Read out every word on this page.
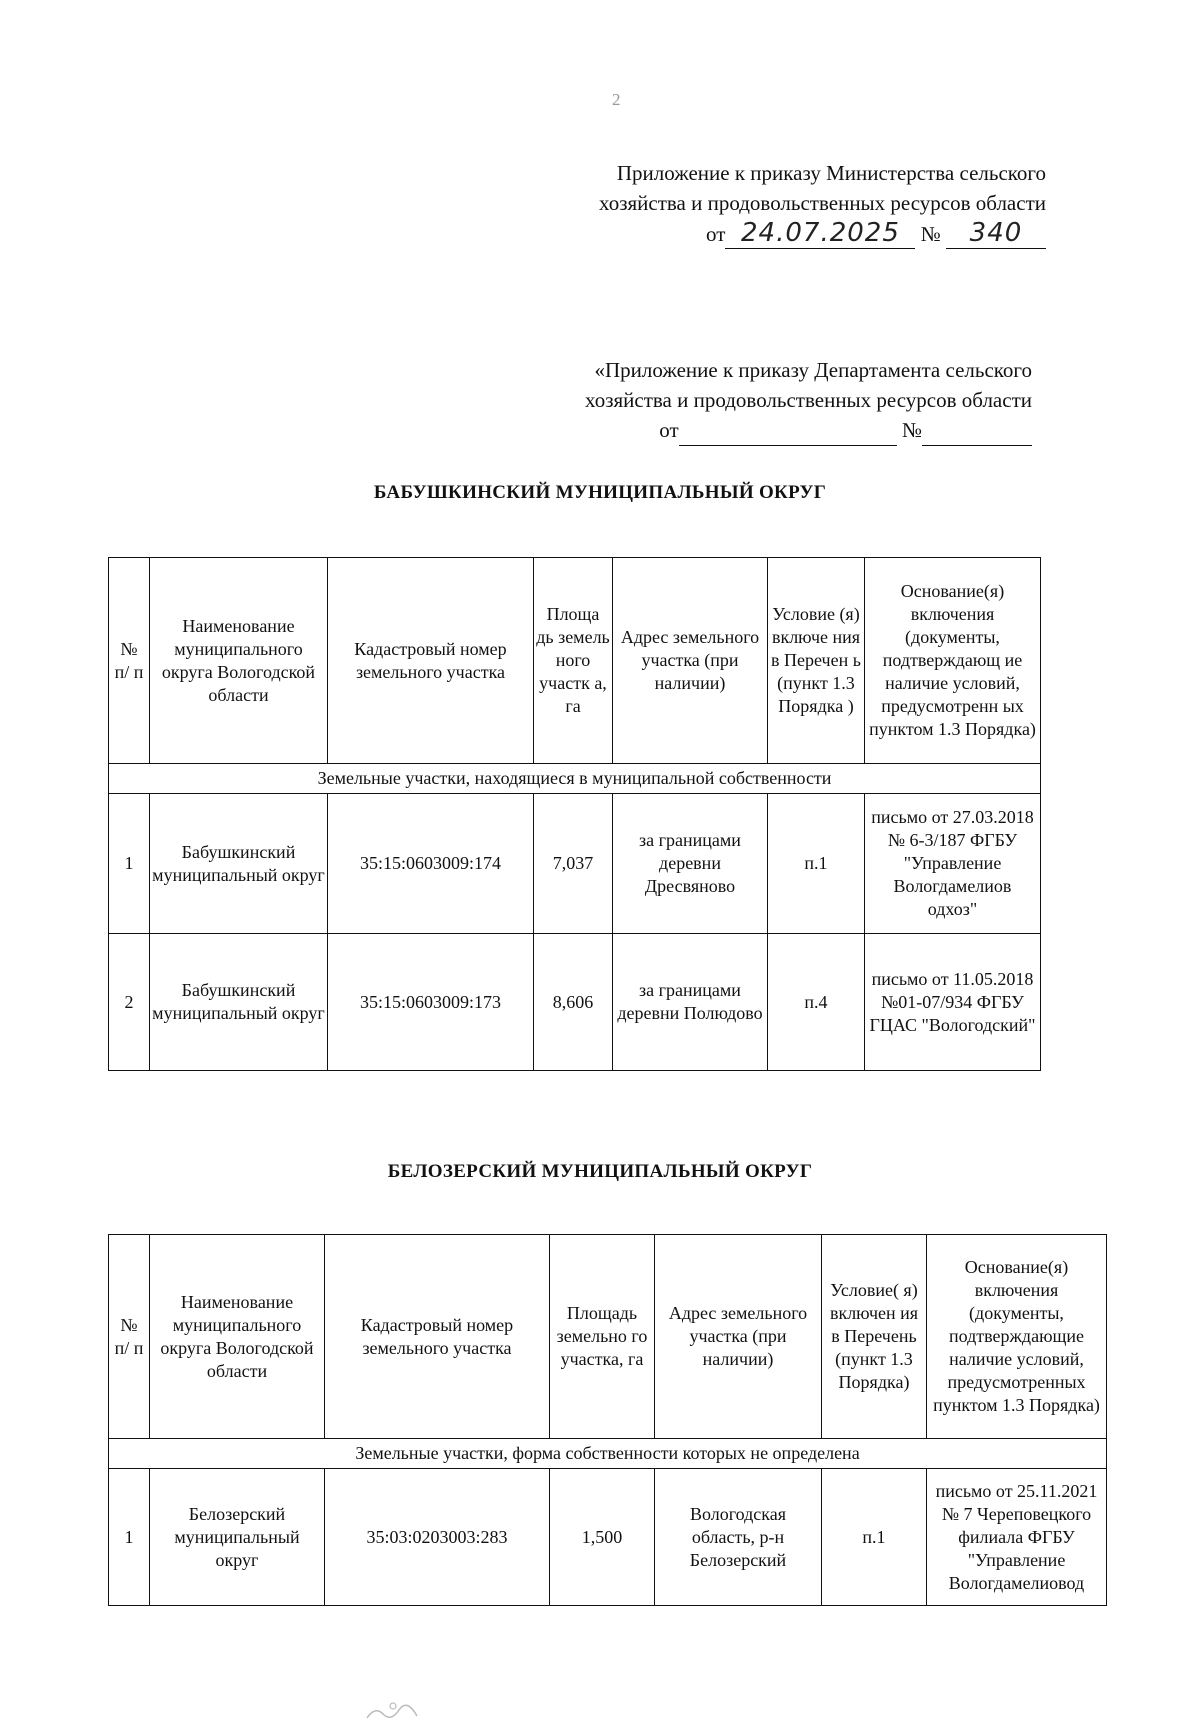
2
Приложение к приказу Министерства сельского
хозяйства и продовольственных ресурсов области
от 24.07.2025 № 340
«Приложение к приказу Департамента сельского
хозяйства и продовольственных ресурсов области
от	№
БАБУШКИНСКИЙ МУНИЦИПАЛЬНЫЙ ОКРУГ
№ п/ п	Наименование муниципального округа Вологодской области	Кадастровый номер земельного участка	Площа дь земель ного участк а, га	Адрес земельного участка (при наличии)	Условие (я) включе ния в Перечен ь (пункт 1.3 Порядка )	Основание(я) включения (документы, подтверждающ ие наличие условий, предусмотренн ых пунктом 1.3 Порядка)
Земельные участки, находящиеся в муниципальной собственности						
1	Бабушкинский муниципальный округ	35:15:0603009:174	7,037	за границами деревни Дресвяново	п.1	письмо от 27.03.2018 № 6-3/187 ФГБУ "Управление Вологдамелиов одхоз"
2	Бабушкинский муниципальный округ	35:15:0603009:173	8,606	за границами деревни Полюдово	п.4	письмо от 11.05.2018 №01-07/934 ФГБУ ГЦАС "Вологодский"
БЕЛОЗЕРСКИЙ МУНИЦИПАЛЬНЫЙ ОКРУГ
№ п/ п	Наименование муниципального округа Вологодской области	Кадастровый номер земельного участка	Площадь земельно го участка, га	Адрес земельного участка (при наличии)	Условие( я) включен ия в Перечень (пункт 1.3 Порядка)	Основание(я) включения (документы, подтверждающие наличие условий, предусмотренных пунктом 1.3 Порядка)
Земельные участки, форма собственности которых не определена						
1	Белозерский муниципальный округ	35:03:0203003:283	1,500	Вологодская область, р-н Белозерский	п.1	письмо от 25.11.2021 № 7 Череповецкого филиала ФГБУ "Управление Вологдамелиовод
